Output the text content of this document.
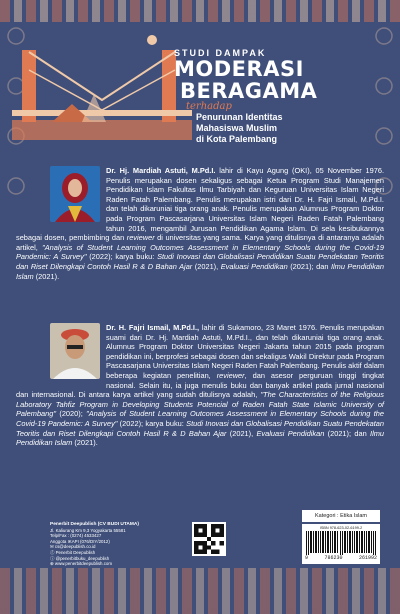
STUDI DAMPAK
MODERASI
BERAGAMA
terhadap
Penurunan Identitas
Mahasiswa Muslim
di Kota Palembang
Dr. Hj. Mardiah Astuti, M.Pd.I. lahir di Kayu Agung (OKI), 05 November 1976. Penulis merupakan dosen sekaligus sebagai Ketua Program Studi Manajemen Pendidikan Islam Fakultas Ilmu Tarbiyah dan Keguruan Universitas Islam Negeri Raden Fatah Palembang. Penulis merupakan istri dari Dr. H. Fajri Ismail, M.Pd.I. dan telah dikaruniai tiga orang anak. Penulis merupakan Alumnus Program Doktor pada Program Pascasarjana Universitas Islam Negeri Raden Fatah Palembang tahun 2016, mengambil Jurusan Pendidikan Agama Islam. Di sela kesibukannya sebagai dosen, pembimbing dan reviewer di universitas yang sama. Karya yang ditulisnya di antaranya adalah artikel, "Analysis of Student Learning Outcomes Assessment in Elementary Schools during the Covid-19 Pandemic: A Survey" (2022); karya buku: Studi Inovasi dan Globalisasi Pendidikan Suatu Pendekatan Teoritis dan Riset Dilengkapi Contoh Hasil R & D Bahan Ajar (2021), Evaluasi Pendidikan (2021); dan Ilmu Pendidikan Islam (2021).
Dr. H. Fajri Ismail, M.Pd.I., lahir di Sukamoro, 23 Maret 1976. Penulis merupakan suami dari Dr. Hj. Mardiah Astuti, M.Pd.I., dan telah dikaruniai tiga orang anak. Alumnus Program Doktor Universitas Negeri Jakarta tahun 2015 pada program pendidikan ini, berprofesi sebagai dosen dan sekaligus Wakil Direktur pada Program Pascasarjana Universitas Islam Negeri Raden Fatah Palembang. Penulis aktif dalam beberapa kegiatan penelitian, reviewer, dan asesor perguruan tinggi tingkat nasional. Selain itu, ia juga menulis buku dan banyak artikel pada jurnal nasional dan internasional. Di antara karya artikel yang sudah ditulisnya adalah, "The Characteristics of the Religious Laboratory Tahfiz Program in Developing Students Potencial of Raden Fatah State Islamic University of Palembang" (2020); "Analysis of Student Learning Outcomes Assessment in Elementary Schools during the Covid-19 Pandemic: A Survey" (2022); karya buku: Studi Inovasi dan Globalisasi Pendidikan Suatu Pendekatan Teoritis dan Riset Dilengkapi Contoh Hasil R & D Bahan Ajar (2021), Evaluasi Pendidikan (2021); dan Ilmu Pendidikan Islam (2021).
Penerbit Deepublish (CV BUDI UTAMA)
Jl. Kaliurang Km 9,3 Yogyakarta 55581
Telp/Fax : (0274) 4533427
Anggota IKAPI (076/DIY/2012)
✉ cs@deepublish.co.id
ⓕ Penerbit Deepublish
ⓘ @penerbitbuku_deepublish
⊕ www.penerbitdeepublish.com
Kategori : Etika Islam
ISBN 978-623-02-6199-2
9	786230	261992
